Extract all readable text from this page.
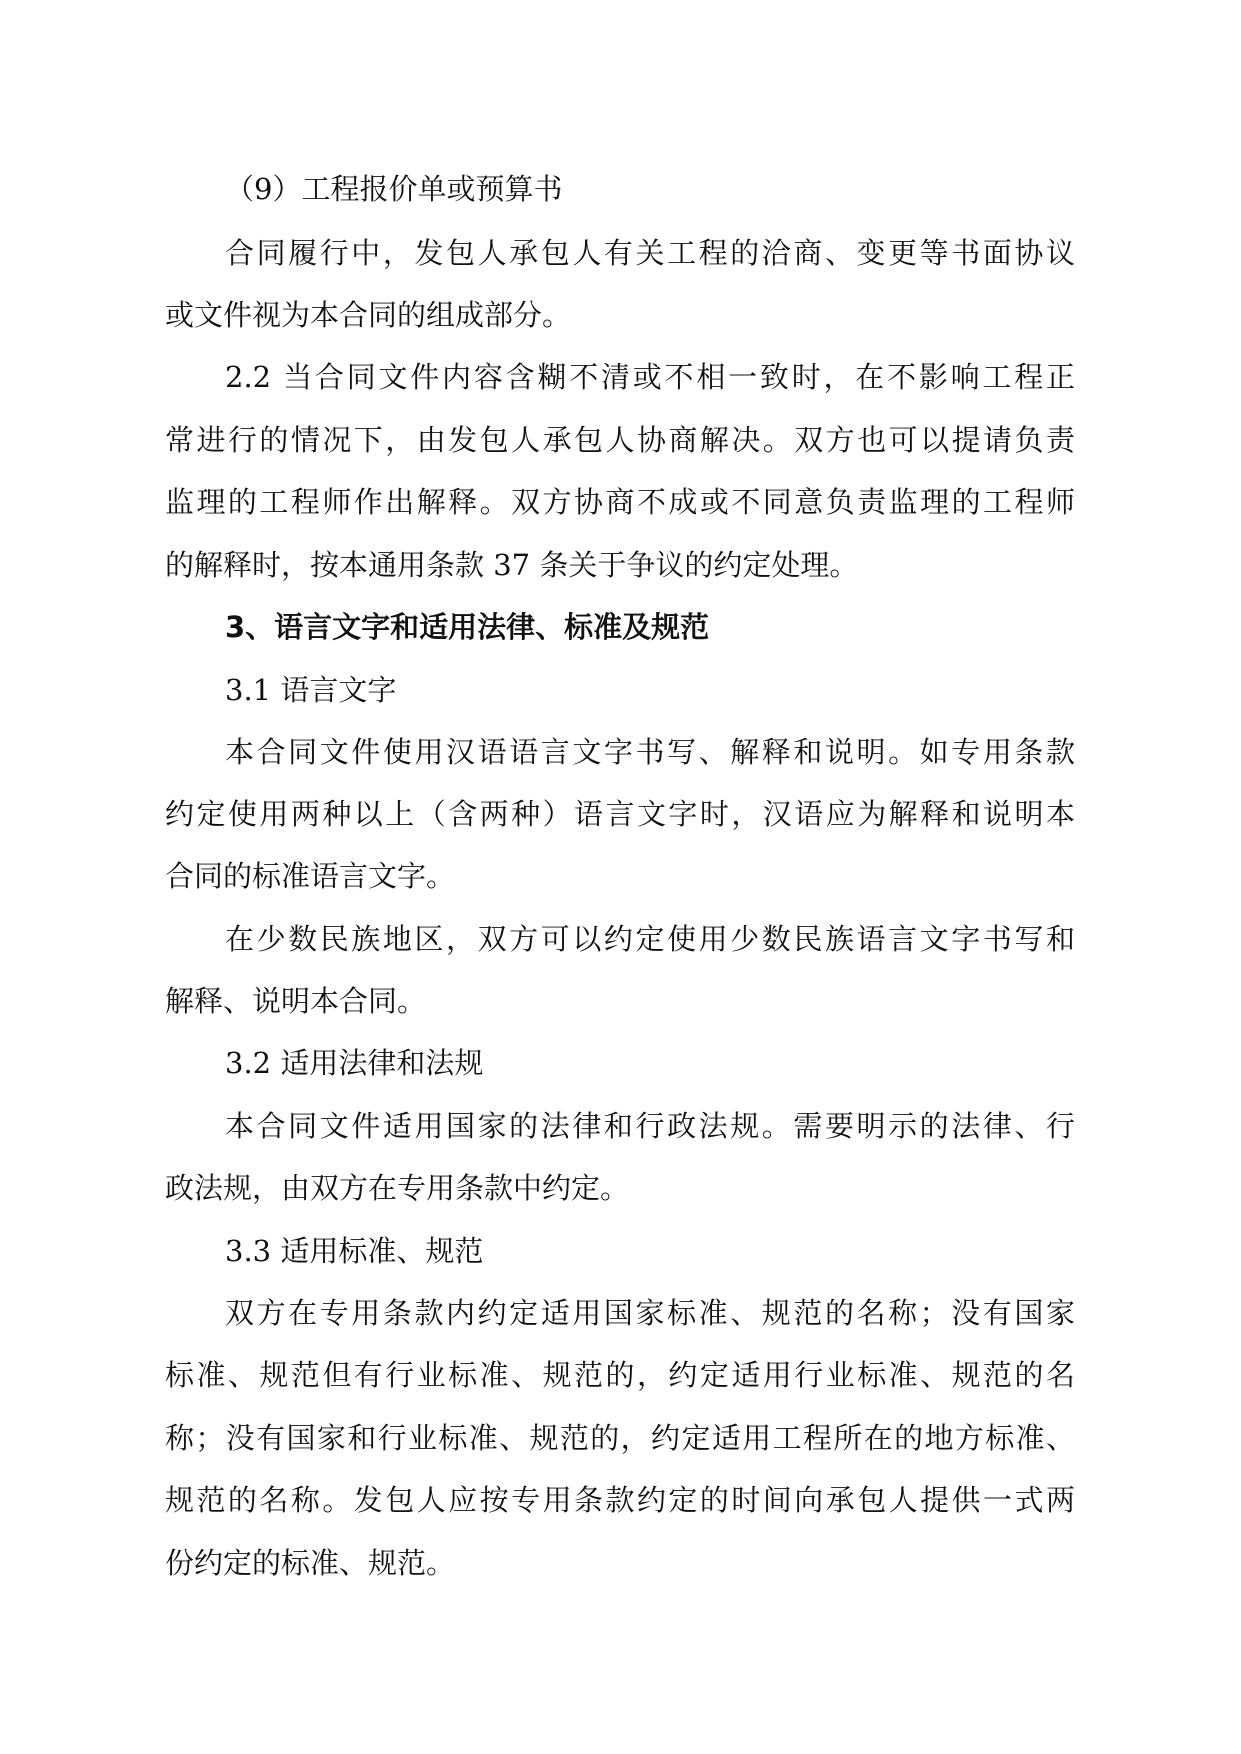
（9）工程报价单或预算书
合同履行中，发包人承包人有关工程的洽商、变更等书面协议
或文件视为本合同的组成部分。
2.2 当合同文件内容含糊不清或不相一致时，在不影响工程正
常进行的情况下，由发包人承包人协商解决。双方也可以提请负责
监理的工程师作出解释。双方协商不成或不同意负责监理的工程师
的解释时，按本通用条款 37 条关于争议的约定处理。
3、语言文字和适用法律、标准及规范
3.1 语言文字
本合同文件使用汉语语言文字书写、解释和说明。如专用条款
约定使用两种以上（含两种）语言文字时，汉语应为解释和说明本
合同的标准语言文字。
在少数民族地区，双方可以约定使用少数民族语言文字书写和
解释、说明本合同。
3.2 适用法律和法规
本合同文件适用国家的法律和行政法规。需要明示的法律、行
政法规，由双方在专用条款中约定。
3.3 适用标准、规范
双方在专用条款内约定适用国家标准、规范的名称；没有国家
标准、规范但有行业标准、规范的，约定适用行业标准、规范的名
称；没有国家和行业标准、规范的，约定适用工程所在的地方标准、
规范的名称。发包人应按专用条款约定的时间向承包人提供一式两
份约定的标准、规范。
